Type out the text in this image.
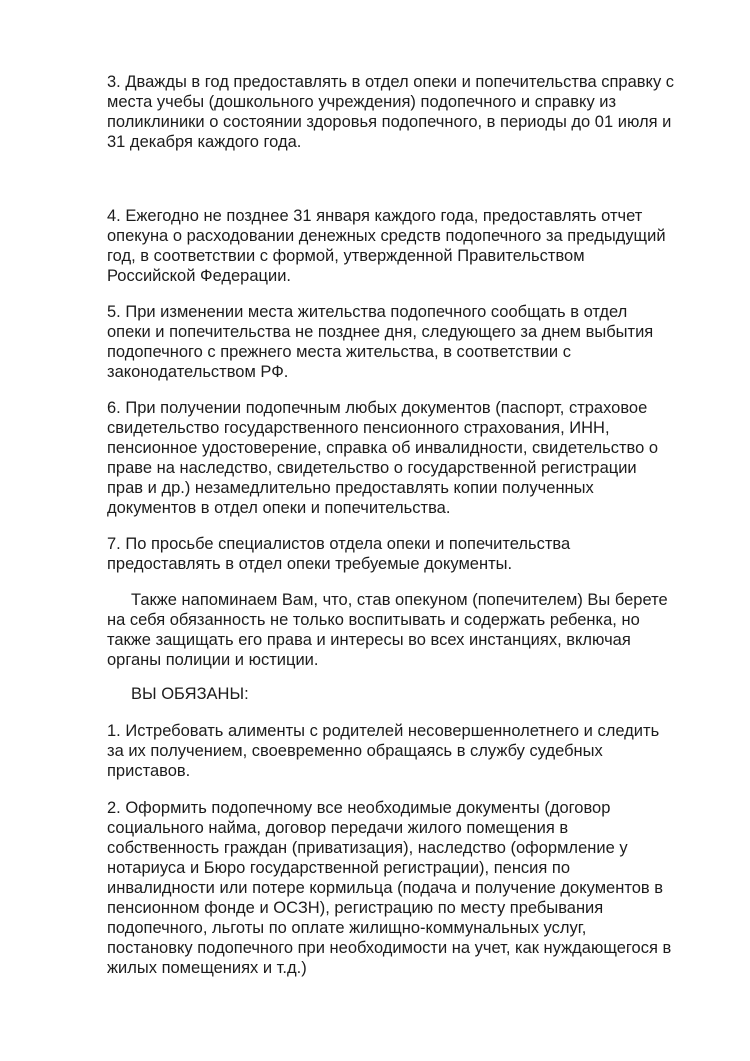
3. Дважды в год предоставлять в отдел опеки и попечительства справку с
места учебы (дошкольного учреждения) подопечного и справку из
поликлиники о состоянии здоровья подопечного, в периоды до 01 июля и
31 декабря каждого года.

4. Ежегодно не позднее 31 января каждого года, предоставлять отчет
опекуна о расходовании денежных средств подопечного за предыдущий
год, в соответствии с формой, утвержденной Правительством
Российской Федерации.

5. При изменении места жительства подопечного сообщать в отдел
опеки и попечительства не позднее дня, следующего за днем выбытия
подопечного с прежнего места жительства, в соответствии с
законодательством РФ.

6. При получении подопечным любых документов (паспорт, страховое
свидетельство государственного пенсионного страхования, ИНН,
пенсионное удостоверение, справка об инвалидности, свидетельство о
праве на наследство, свидетельство о государственной регистрации
прав и др.) незамедлительно предоставлять копии полученных
документов в отдел опеки и попечительства.

7. По просьбе специалистов отдела опеки и попечительства
предоставлять в отдел опеки требуемые документы.

Также напоминаем Вам, что, став опекуном (попечителем) Вы берете
на себя обязанность не только воспитывать и содержать ребенка, но
также защищать его права и интересы во всех инстанциях, включая
органы полиции и юстиции.

ВЫ ОБЯЗАНЫ:

1. Истребовать алименты с родителей несовершеннолетнего и следить
за их получением, своевременно обращаясь в службу судебных
приставов.

2. Оформить подопечному все необходимые документы (договор
социального найма, договор передачи жилого помещения в
собственность граждан (приватизация), наследство (оформление у
нотариуса и Бюро государственной регистрации), пенсия по
инвалидности или потере кормильца (подача и получение документов в
пенсионном фонде и ОСЗН), регистрацию по месту пребывания
подопечного, льготы по оплате жилищно-коммунальных услуг,
постановку подопечного при необходимости на учет, как нуждающегося в
жилых помещениях и т.д.)
